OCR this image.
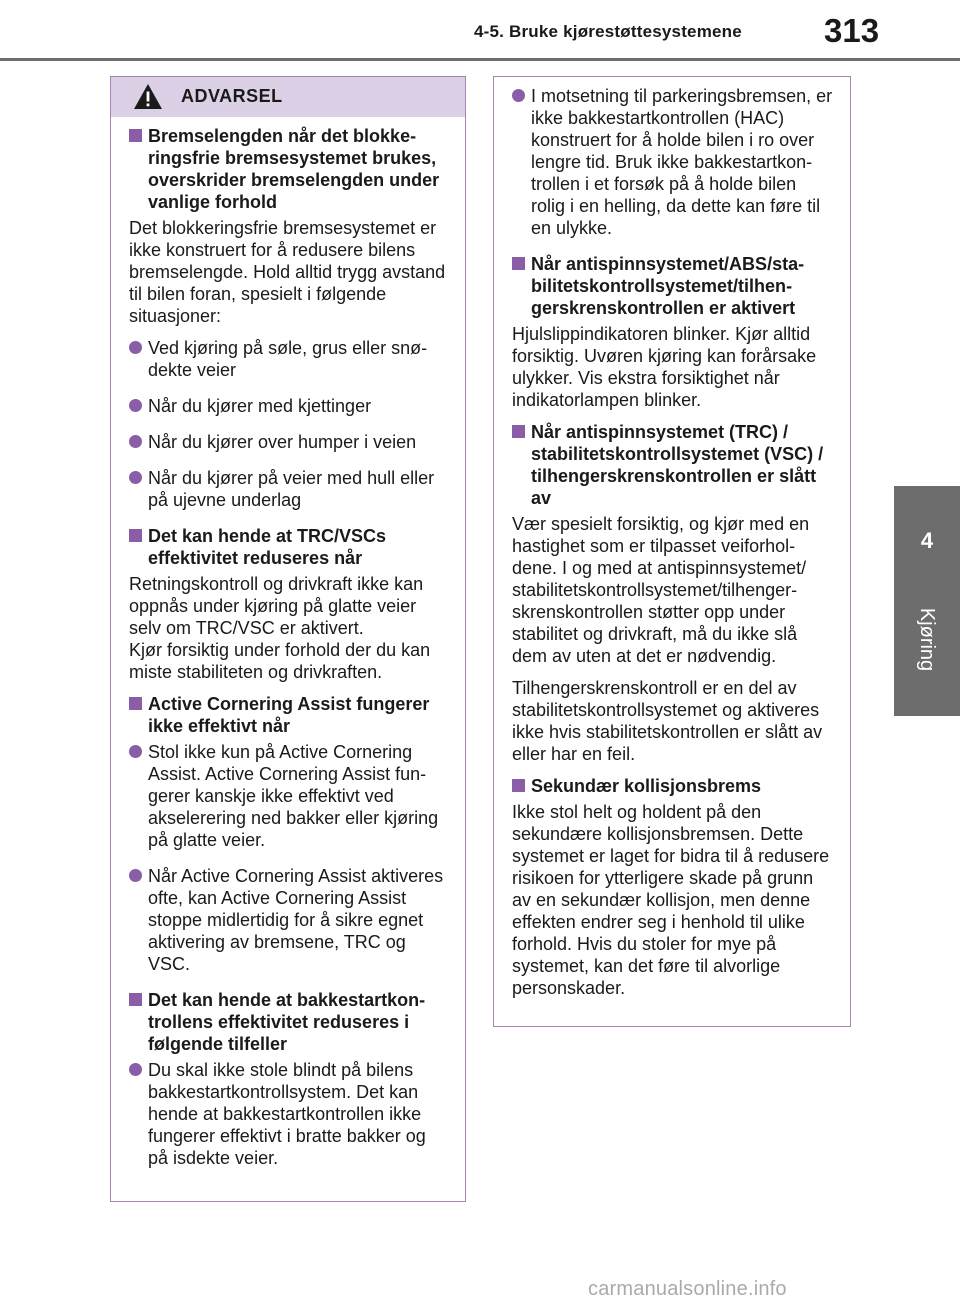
4-5. Bruke kjørestøttesystemene	313
4
Kjøring
ADVARSEL
Bremselengden når det blokkeringsfrie bremsesystemet brukes, overskrider bremselengden under vanlige forhold

Det blokkeringsfrie bremsesystemet er ikke konstruert for å redusere bilens bremselengde. Hold alltid trygg avstand til bilen foran, spesielt i følgende situasjoner:

Ved kjøring på søle, grus eller snødekte veier
Når du kjører med kjettinger
Når du kjører over humper i veien
Når du kjører på veier med hull eller på ujevne underlag
Det kan hende at TRC/VSCs effektivitet reduseres når

Retningskontroll og drivkraft ikke kan oppnås under kjøring på glatte veier selv om TRC/VSC er aktivert.

Kjør forsiktig under forhold der du kan miste stabiliteten og drivkraften.

Active Cornering Assist fungerer ikke effektivt når
Stol ikke kun på Active Cornering Assist. Active Cornering Assist fungerer kanskje ikke effektivt ved akselerering ned bakker eller kjøring på glatte veier.
Når Active Cornering Assist aktiveres ofte, kan Active Cornering Assist stoppe midlertidig for å sikre egnet aktivering av bremsene, TRC og VSC.
Det kan hende at bakkestartkontrollens effektivitet reduseres i følgende tilfeller
Du skal ikke stole blindt på bilens bakkestartkontrollsystem. Det kan hende at bakkestartkontrollen ikke fungerer effektivt i bratte bakker og på isdekte veier.
I motsetning til parkeringsbremsen, er ikke bakkestartkontrollen (HAC) konstruert for å holde bilen i ro over lengre tid. Bruk ikke bakkestartkontrollen i et forsøk på å holde bilen rolig i en helling, da dette kan føre til en ulykke.
Når antispinnsystemet/ABS/stabilitetskontrollsystemet/tilhengerskrenskontrollen er aktivert

Hjulslippindikatoren blinker. Kjør alltid forsiktig. Uvøren kjøring kan forårsake ulykker. Vis ekstra forsiktighet når indikatorlampen blinker.

Når antispinnsystemet (TRC) / stabilitetskontrollsystemet (VSC) / tilhengerskrenskontrollen er slått av

Vær spesielt forsiktig, og kjør med en hastighet som er tilpasset veiforholdene. I og med at antispinnsystemet/ stabilitetskontrollsystemet/tilhengerskrenskontrollen støtter opp under stabilitet og drivkraft, må du ikke slå dem av uten at det er nødvendig.

Tilhengerskrenskontroll er en del av stabilitetskontrollsystemet og aktiveres ikke hvis stabilitetskontrollen er slått av eller har en feil.

Sekundær kollisjonsbrems

Ikke stol helt og holdent på den sekundære kollisjonsbremsen. Dette systemet er laget for bidra til å redusere risikoen for ytterligere skade på grunn av en sekundær kollisjon, men denne effekten endrer seg i henhold til ulike forhold. Hvis du stoler for mye på systemet, kan det føre til alvorlige personskader.

carmanualsonline.info
